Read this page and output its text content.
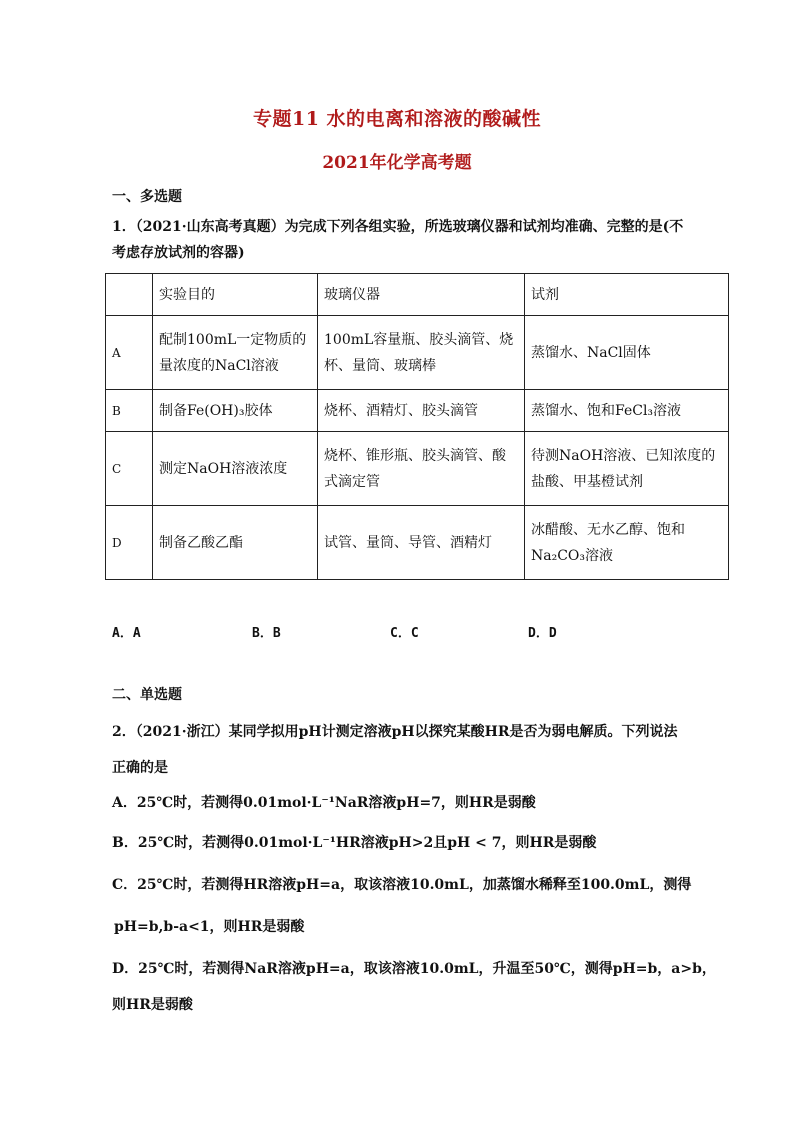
专题11 水的电离和溶液的酸碱性
2021年化学高考题
一、多选题
1．（2021·山东高考真题）为完成下列各组实验，所选玻璃仪器和试剂均准确、完整的是(不
考虑存放试剂的容器)
	实验目的	玻璃仪器	试剂
A	配制100mL一定物质的量浓度的NaCl溶液	100mL容量瓶、胶头滴管、烧杯、量筒、玻璃棒	蒸馏水、NaCl固体
B	制备Fe(OH)₃胶体	烧杯、酒精灯、胶头滴管	蒸馏水、饱和FeCl₃溶液
C	测定NaOH溶液浓度	烧杯、锥形瓶、胶头滴管、酸式滴定管	待测NaOH溶液、已知浓度的盐酸、甲基橙试剂
D	制备乙酸乙酯	试管、量筒、导管、酒精灯	冰醋酸、无水乙醇、饱和Na₂CO₃溶液
A．A	B．B	C．C	D．D
二、单选题
2．（2021·浙江）某同学拟用pH计测定溶液pH以探究某酸HR是否为弱电解质。下列说法
正确的是
A．25℃时，若测得0.01mol·L⁻¹NaR溶液pH=7，则HR是弱酸
B．25℃时，若测得0.01mol·L⁻¹HR溶液pH>2且pH < 7，则HR是弱酸
C．25℃时，若测得HR溶液pH=a，取该溶液10.0mL，加蒸馏水稀释至100.0mL，测得
pH=b,b-a<1，则HR是弱酸
D．25℃时，若测得NaR溶液pH=a，取该溶液10.0mL，升温至50℃，测得pH=b，a>b，
则HR是弱酸
